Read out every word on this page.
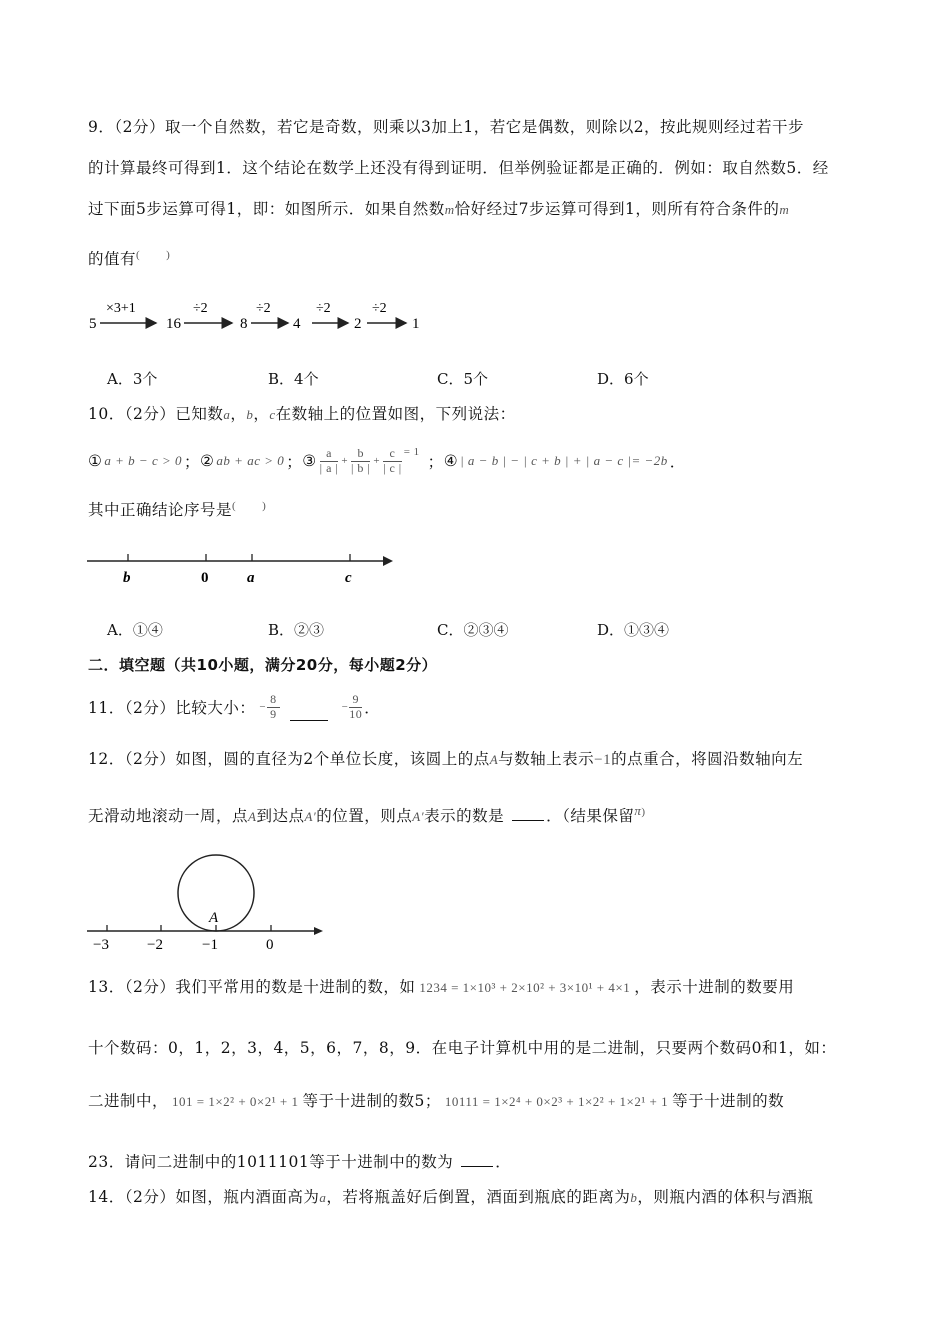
9．（2分）取一个自然数，若它是奇数，则乘以3加上1，若它是偶数，则除以2，按此规则经过若干步
的计算最终可得到1．这个结论在数学上还没有得到证明．但举例验证都是正确的．例如：取自然数5．经
过下面5步运算可得1，即：如图所示．如果自然数m恰好经过7步运算可得到1，则所有符合条件的m
的值有(        )
5
×3+1
16
÷2
8
÷2
4
÷2
2
÷2
1
A．3个	B．4个	C．5个	D．6个
10．（2分）已知数a，b，c在数轴上的位置如图，下列说法：
① a + b − c > 0 ； ② ab + ac > 0 ； ③ $\frac{a}{| a |} + \frac{b}{| b |} + \frac{c}{| c |} = 1$
； ④ | a − b | − | c + b | + | a − c |= −2b ．
其中正确结论序号是(        )
b	0	a	c
A．①④	B．②③	C．②③④	D．①③④
二．填空题（共10小题，满分20分，每小题2分）
11．（2分）比较大小： − $\frac{8}{9}$	− $\frac{9}{10}$ ．
12．（2分）如图，圆的直径为2个单位长度，该圆上的点A与数轴上表示−1的点重合，将圆沿数轴向左
无滑动地滚动一周，点A到达点A′的位置，则点A′表示的数是	．（结果保留$^{\pi)}$
A
−3	−2	−1	0
13．（2分）我们平常用的数是十进制的数，如 1234 = 1×10³ + 2×10² + 3×10¹ + 4×1 ，表示十进制的数要用
十个数码：0，1，2，3，4，5，6，7，8，9．在电子计算机中用的是二进制，只要两个数码0和1，如：
二进制中， 101 = 1×2² + 0×2¹ + 1 等于十进制的数5； 10111 = 1×2⁴ + 0×2³ + 1×2² + 1×2¹ + 1 等于十进制的数
23．请问二进制中的1011101等于十进制中的数为	．
14．（2分）如图，瓶内酒面高为a，若将瓶盖好后倒置，酒面到瓶底的距离为b，则瓶内酒的体积与酒瓶
